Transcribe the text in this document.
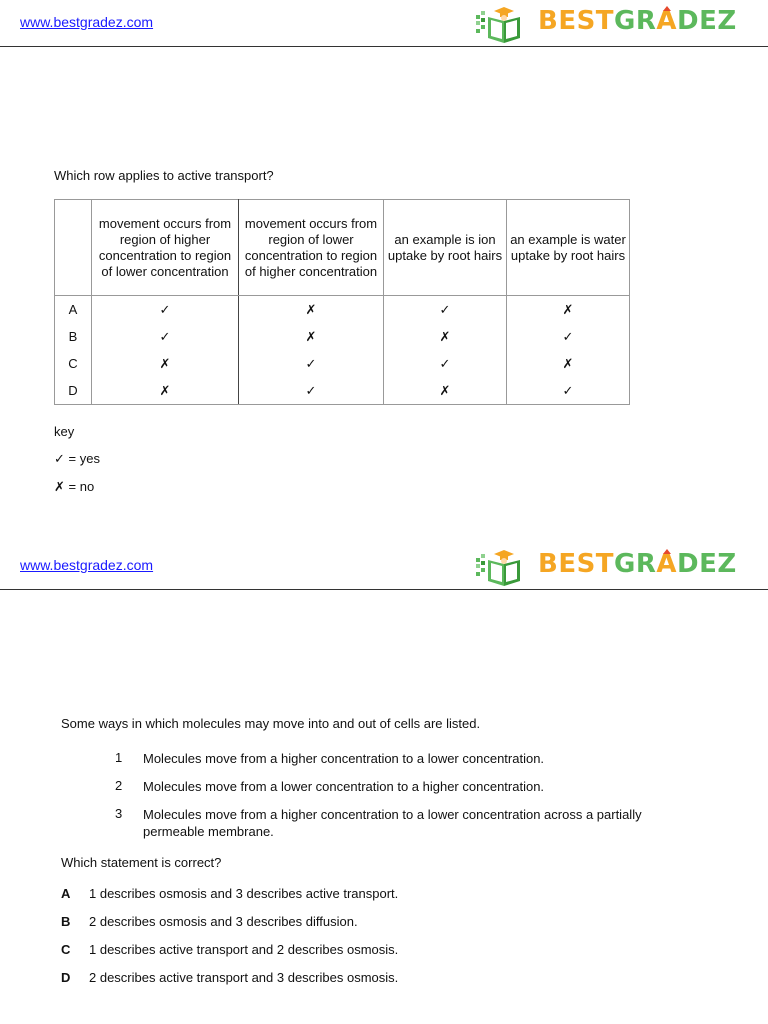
www.bestgradez.com	BESTGRADEZ
Which row applies to active transport?
	movement occurs from region of higher concentration to region of lower concentration	movement occurs from region of lower concentration to region of higher concentration	an example is ion uptake by root hairs	an example is water uptake by root hairs
A	✓	✗	✓	✗
B	✓	✗	✗	✓
C	✗	✓	✓	✗
D	✗	✓	✗	✓
key
✓ = yes
✗ = no
www.bestgradez.com	BESTGRADEZ
Some ways in which molecules may move into and out of cells are listed.
1 Molecules move from a higher concentration to a lower concentration.
2 Molecules move from a lower concentration to a higher concentration.
3 Molecules move from a higher concentration to a lower concentration across a partially permeable membrane.
Which statement is correct?
A 1 describes osmosis and 3 describes active transport.
B 2 describes osmosis and 3 describes diffusion.
C 1 describes active transport and 2 describes osmosis.
D 2 describes active transport and 3 describes osmosis.
